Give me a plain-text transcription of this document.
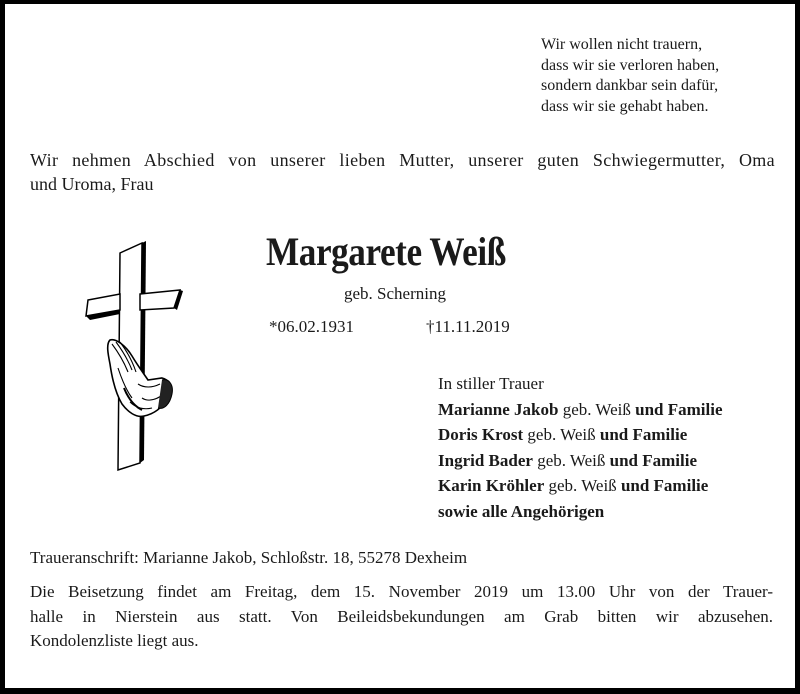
Wir wollen nicht trauern,
dass wir sie verloren haben,
sondern dankbar sein dafür,
dass wir sie gehabt haben.
Wir nehmen Abschied von unserer lieben Mutter, unserer guten Schwiegermutter, Oma
und Uroma, Frau
Margarete Weiß
geb. Scherning
*06.02.1931	†11.11.2019
In stiller Trauer
Marianne Jakob geb. Weiß und Familie
Doris Krost geb. Weiß und Familie
Ingrid Bader geb. Weiß und Familie
Karin Kröhler geb. Weiß und Familie
sowie alle Angehörigen
Traueranschrift: Marianne Jakob, Schloßstr. 18, 55278 Dexheim
Die Beisetzung findet am Freitag, dem 15. November 2019 um 13.00 Uhr von der Trauer-
halle in Nierstein aus statt. Von Beileidsbekundungen am Grab bitten wir abzusehen.
Kondolenzliste liegt aus.
